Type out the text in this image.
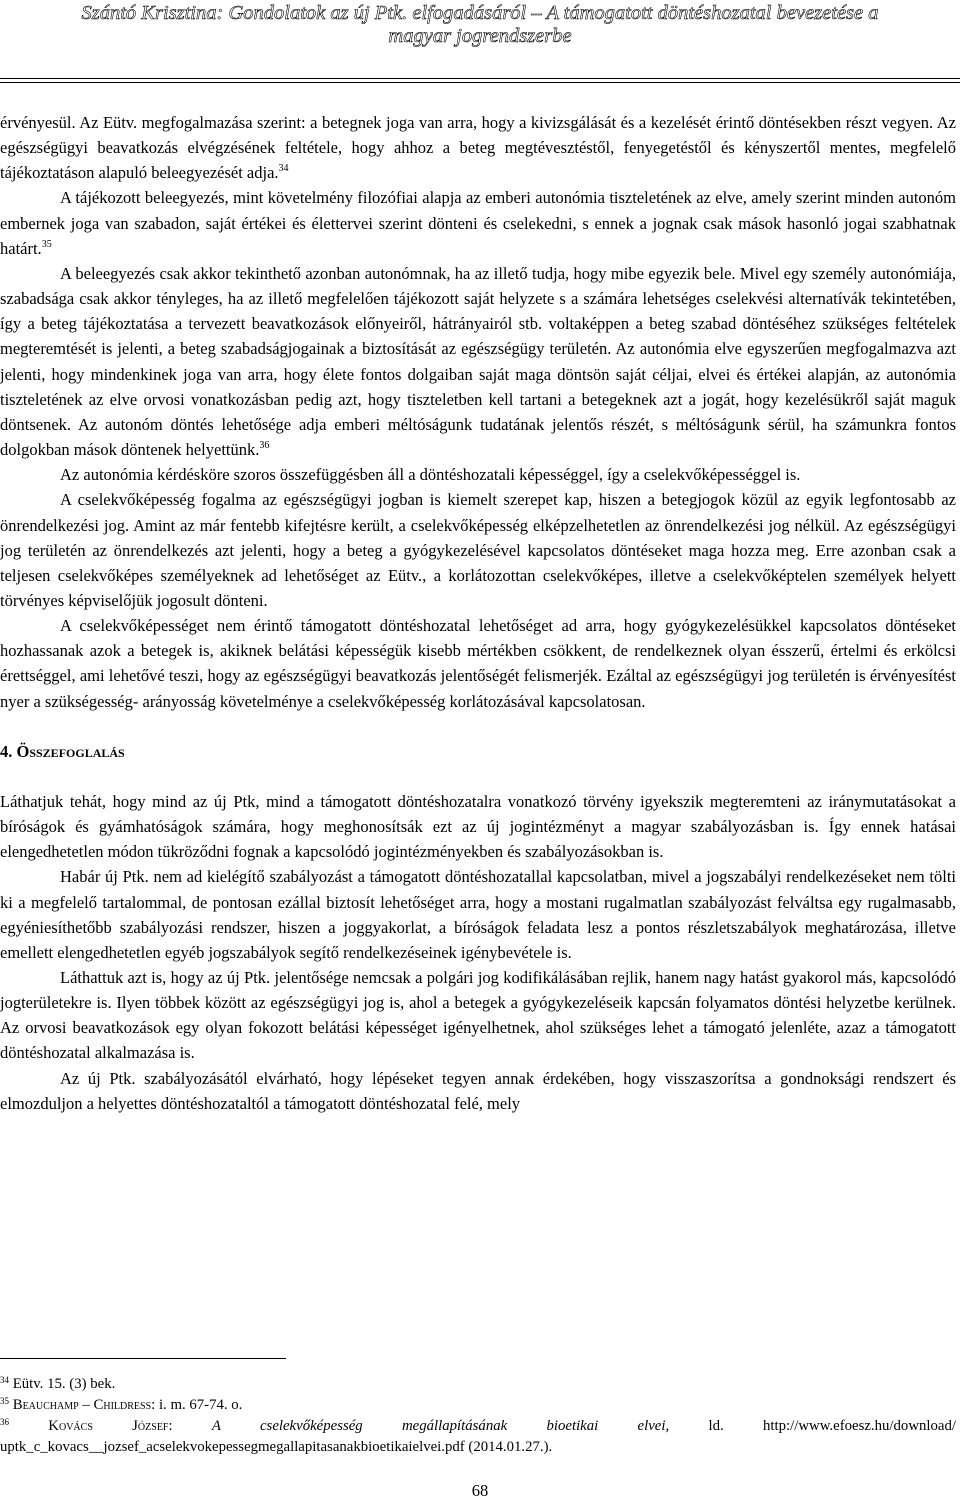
Szántó Krisztina: Gondolatok az új Ptk. elfogadásáról – A támogatott döntéshozatal bevezetése a
magyar jogrendszerbe

érvényesül. Az Eütv. megfogalmazása szerint: a betegnek joga van arra, hogy a kivizsgálását és a kezelését érintő döntésekben részt vegyen. Az egészségügyi beavatkozás elvégzésének feltétele, hogy ahhoz a beteg megtévesztéstől, fenyegetéstől és kényszertől mentes, megfelelő tájékoztatáson alapuló beleegyezését adja.$^{34}$

A tájékozott beleegyezés, mint követelmény filozófiai alapja az emberi autonómia tiszteletének az elve, amely szerint minden autonóm embernek joga van szabadon, saját értékei és élettervei szerint dönteni és cselekedni, s ennek a jognak csak mások hasonló jogai szabhatnak határt.$^{35}$

A beleegyezés csak akkor tekinthető azonban autonómnak, ha az illető tudja, hogy mibe egyezik bele. Mivel egy személy autonómiája, szabadsága csak akkor tényleges, ha az illető megfelelően tájékozott saját helyzete s a számára lehetséges cselekvési alternatívák tekintetében, így a beteg tájékoztatása a tervezett beavatkozások előnyeiről, hátrányairól stb. voltaképpen a beteg szabad döntéséhez szükséges feltételek megteremtését is jelenti, a beteg szabadságjogainak a biztosítását az egészségügy területén. Az autonómia elve egyszerűen megfogalmazva azt jelenti, hogy mindenkinek joga van arra, hogy élete fontos dolgaiban saját maga döntsön saját céljai, elvei és értékei alapján, az autonómia tiszteletének az elve orvosi vonatkozásban pedig azt, hogy tiszteletben kell tartani a betegeknek azt a jogát, hogy kezelésükről saját maguk döntsenek. Az autonóm döntés lehetősége adja emberi méltóságunk tudatának jelentős részét, s méltóságunk sérül, ha számunkra fontos dolgokban mások döntenek helyettünk.$^{36}$

Az autonómia kérdésköre szoros összefüggésben áll a döntéshozatali képességgel, így a cselekvőképességgel is.

A cselekvőképesség fogalma az egészségügyi jogban is kiemelt szerepet kap, hiszen a betegjogok közül az egyik legfontosabb az önrendelkezési jog. Amint az már fentebb kifejtésre került, a cselekvőképesség elképzelhetetlen az önrendelkezési jog nélkül. Az egészségügyi jog területén az önrendelkezés azt jelenti, hogy a beteg a gyógykezelésével kapcsolatos döntéseket maga hozza meg. Erre azonban csak a teljesen cselekvőképes személyeknek ad lehetőséget az Eütv., a korlátozottan cselekvőképes, illetve a cselekvőképtelen személyek helyett törvényes képviselőjük jogosult dönteni.

A cselekvőképességet nem érintő támogatott döntéshozatal lehetőséget ad arra, hogy gyógykezelésükkel kapcsolatos döntéseket hozhassanak azok a betegek is, akiknek belátási képességük kisebb mértékben csökkent, de rendelkeznek olyan ésszerű, értelmi és erkölcsi érettséggel, ami lehetővé teszi, hogy az egészségügyi beavatkozás jelentőségét felismerjék. Ezáltal az egészségügyi jog területén is érvényesítést nyer a szükségesség- arányosság követelménye a cselekvőképesség korlátozásával kapcsolatosan.

4. Összefoglalás

Láthatjuk tehát, hogy mind az új Ptk, mind a támogatott döntéshozatalra vonatkozó törvény igyekszik megteremteni az iránymutatásokat a bíróságok és gyámhatóságok számára, hogy meghonosítsák ezt az új jogintézményt a magyar szabályozásban is. Így ennek hatásai elengedhetetlen módon tükröződni fognak a kapcsolódó jogintézményekben és szabályozásokban is.

Habár új Ptk. nem ad kielégítő szabályozást a támogatott döntéshozatallal kapcsolatban, mivel a jogszabályi rendelkezéseket nem tölti ki a megfelelő tartalommal, de pontosan ezállal biztosít lehetőséget arra, hogy a mostani rugalmatlan szabályozást felváltsa egy rugalmasabb, egyéniesíthetőbb szabályozási rendszer, hiszen a joggyakorlat, a bíróságok feladata lesz a pontos részletszabályok meghatározása, illetve emellett elengedhetetlen egyéb jogszabályok segítő rendelkezéseinek igénybevétele is.

Láthattuk azt is, hogy az új Ptk. jelentősége nemcsak a polgári jog kodifikálásában rejlik, hanem nagy hatást gyakorol más, kapcsolódó jogterületekre is. Ilyen többek között az egészségügyi jog is, ahol a betegek a gyógykezeléseik kapcsán folyamatos döntési helyzetbe kerülnek. Az orvosi beavatkozások egy olyan fokozott belátási képességet igényelhetnek, ahol szükséges lehet a támogató jelenléte, azaz a támogatott döntéshozatal alkalmazása is.

Az új Ptk. szabályozásától elvárható, hogy lépéseket tegyen annak érdekében, hogy visszaszorítsa a gondnoksági rendszert és elmozduljon a helyettes döntéshozataltól a támogatott döntéshozatal felé, mely

$^{34}$ Eütv. 15. (3) bek.

$^{35}$ Beauchamp – Childress: i. m. 67-74. o.

$^{36}$ Kovács József: A cselekvőképesség megállapításának bioetikai elvei, ld. http://www.efoesz.hu/download/ uptk_c_kovacs__jozsef_acselekvokepessegmegallapitasanakbioetikaielvei.pdf (2014.01.27.).

68
